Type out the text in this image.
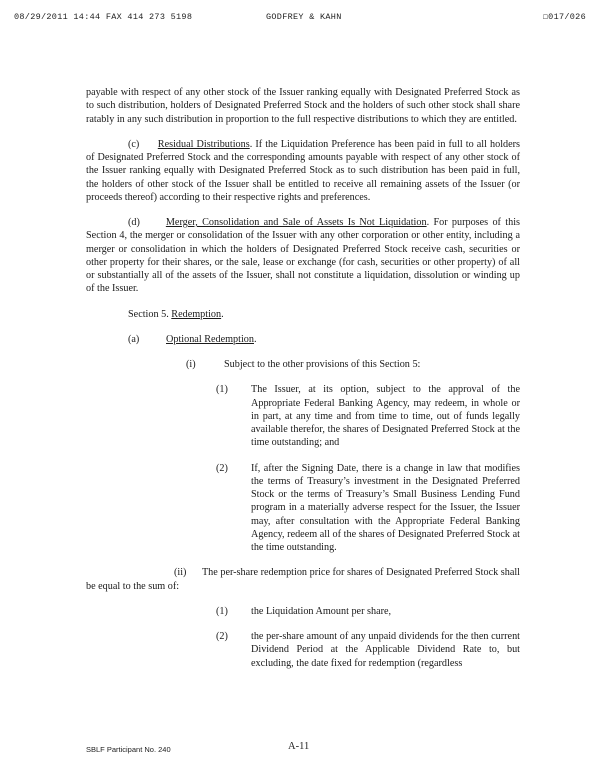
08/29/2011 14:44 FAX 414 273 5198	GODFREY & KAHN	☐017/026

payable with respect of any other stock of the Issuer ranking equally with Designated Preferred Stock as to such distribution, holders of Designated Preferred Stock and the holders of such other stock shall share ratably in any such distribution in proportion to the full respective distributions to which they are entitled.

(c) Residual Distributions. If the Liquidation Preference has been paid in full to all holders of Designated Preferred Stock and the corresponding amounts payable with respect of any other stock of the Issuer ranking equally with Designated Preferred Stock as to such distribution has been paid in full, the holders of other stock of the Issuer shall be entitled to receive all remaining assets of the Issuer (or proceeds thereof) according to their respective rights and preferences.

(d)	Merger, Consolidation and Sale of Assets Is Not Liquidation. For purposes of this Section 4, the merger or consolidation of the Issuer with any other corporation or other entity, including a merger or consolidation in which the holders of Designated Preferred Stock receive cash, securities or other property for their shares, or the sale, lease or exchange (for cash, securities or other property) of all or substantially all of the assets of the Issuer, shall not constitute a liquidation, dissolution or winding up of the Issuer.

Section 5. Redemption.

(a)	Optional Redemption.
(i)	Subject to the other provisions of this Section 5:
(1)	The Issuer, at its option, subject to the approval of the Appropriate Federal Banking Agency, may redeem, in whole or in part, at any time and from time to time, out of funds legally available therefor, the shares of Designated Preferred Stock at the time outstanding; and
(2)	If, after the Signing Date, there is a change in law that modifies the terms of Treasury’s investment in the Designated Preferred Stock or the terms of Treasury’s Small Business Lending Fund program in a materially adverse respect for the Issuer, the Issuer may, after consultation with the Appropriate Federal Banking Agency, redeem all of the shares of Designated Preferred Stock at the time outstanding.

(ii) The per-share redemption price for shares of Designated Preferred Stock shall be equal to the sum of:

(1)	the Liquidation Amount per share,
(2)	the per-share amount of any unpaid dividends for the then current Dividend Period at the Applicable Dividend Rate to, but excluding, the date fixed for redemption (regardless
SBLF Participant No. 240	A-11
